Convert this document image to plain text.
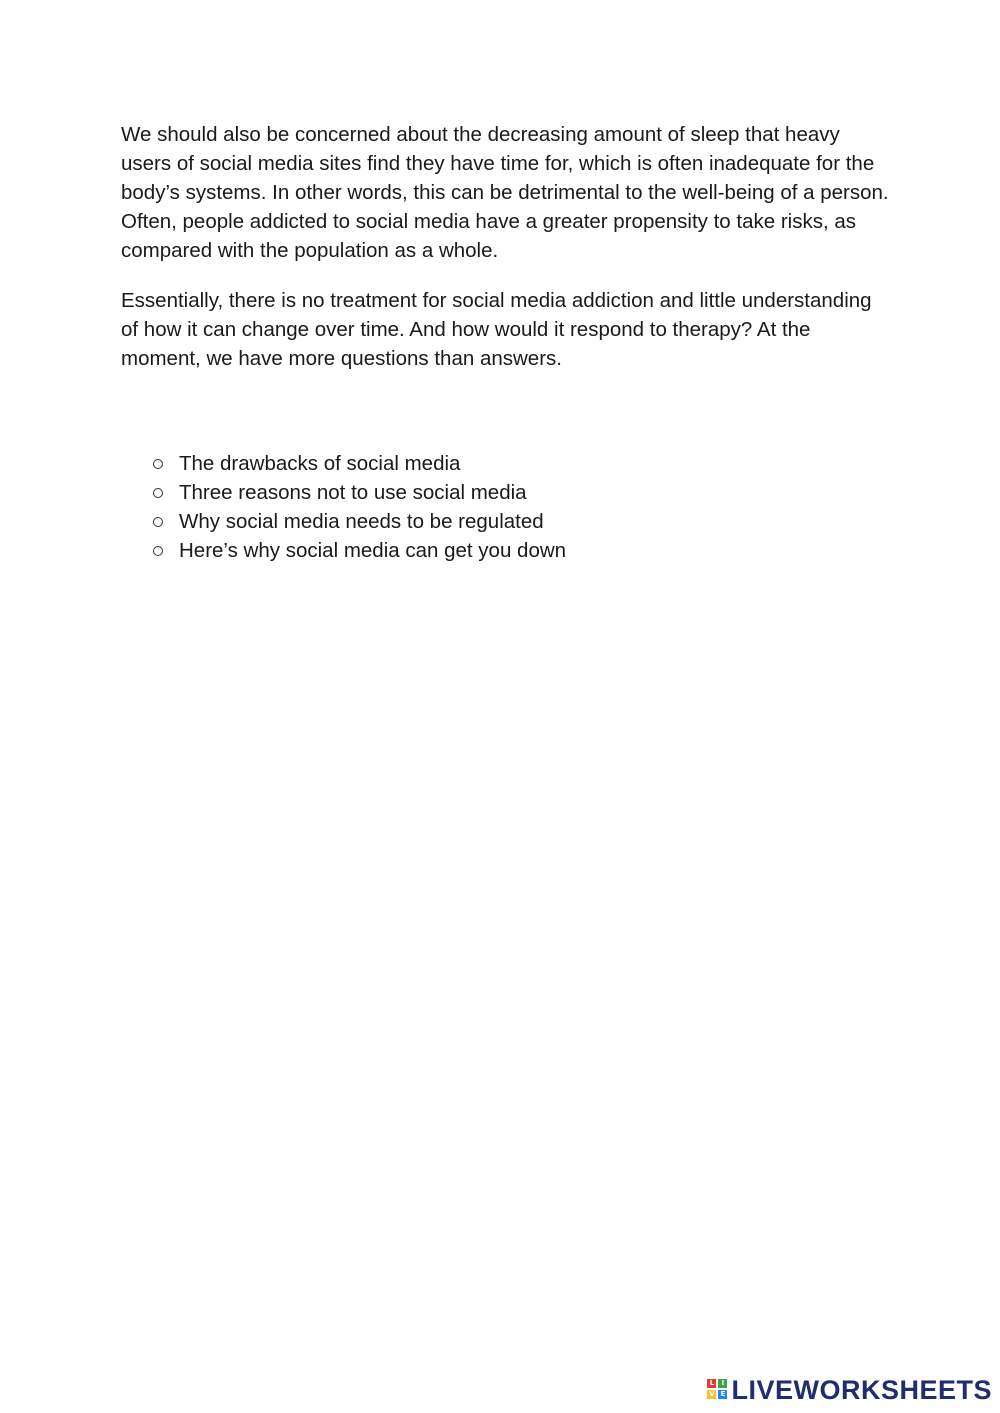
We should also be concerned about the decreasing amount of sleep that heavy users of social media sites find they have time for, which is often inadequate for the body’s systems. In other words, this can be detrimental to the well-being of a person. Often, people addicted to social media have a greater propensity to take risks, as compared with the population as a whole.

Essentially, there is no treatment for social media addiction and little understanding of how it can change over time. And how would it respond to therapy? At the moment, we have more questions than answers.

The drawbacks of social media
Three reasons not to use social media
Why social media needs to be regulated
Here’s why social media can get you down
L	I
V E LIVEWORKSHEETS
